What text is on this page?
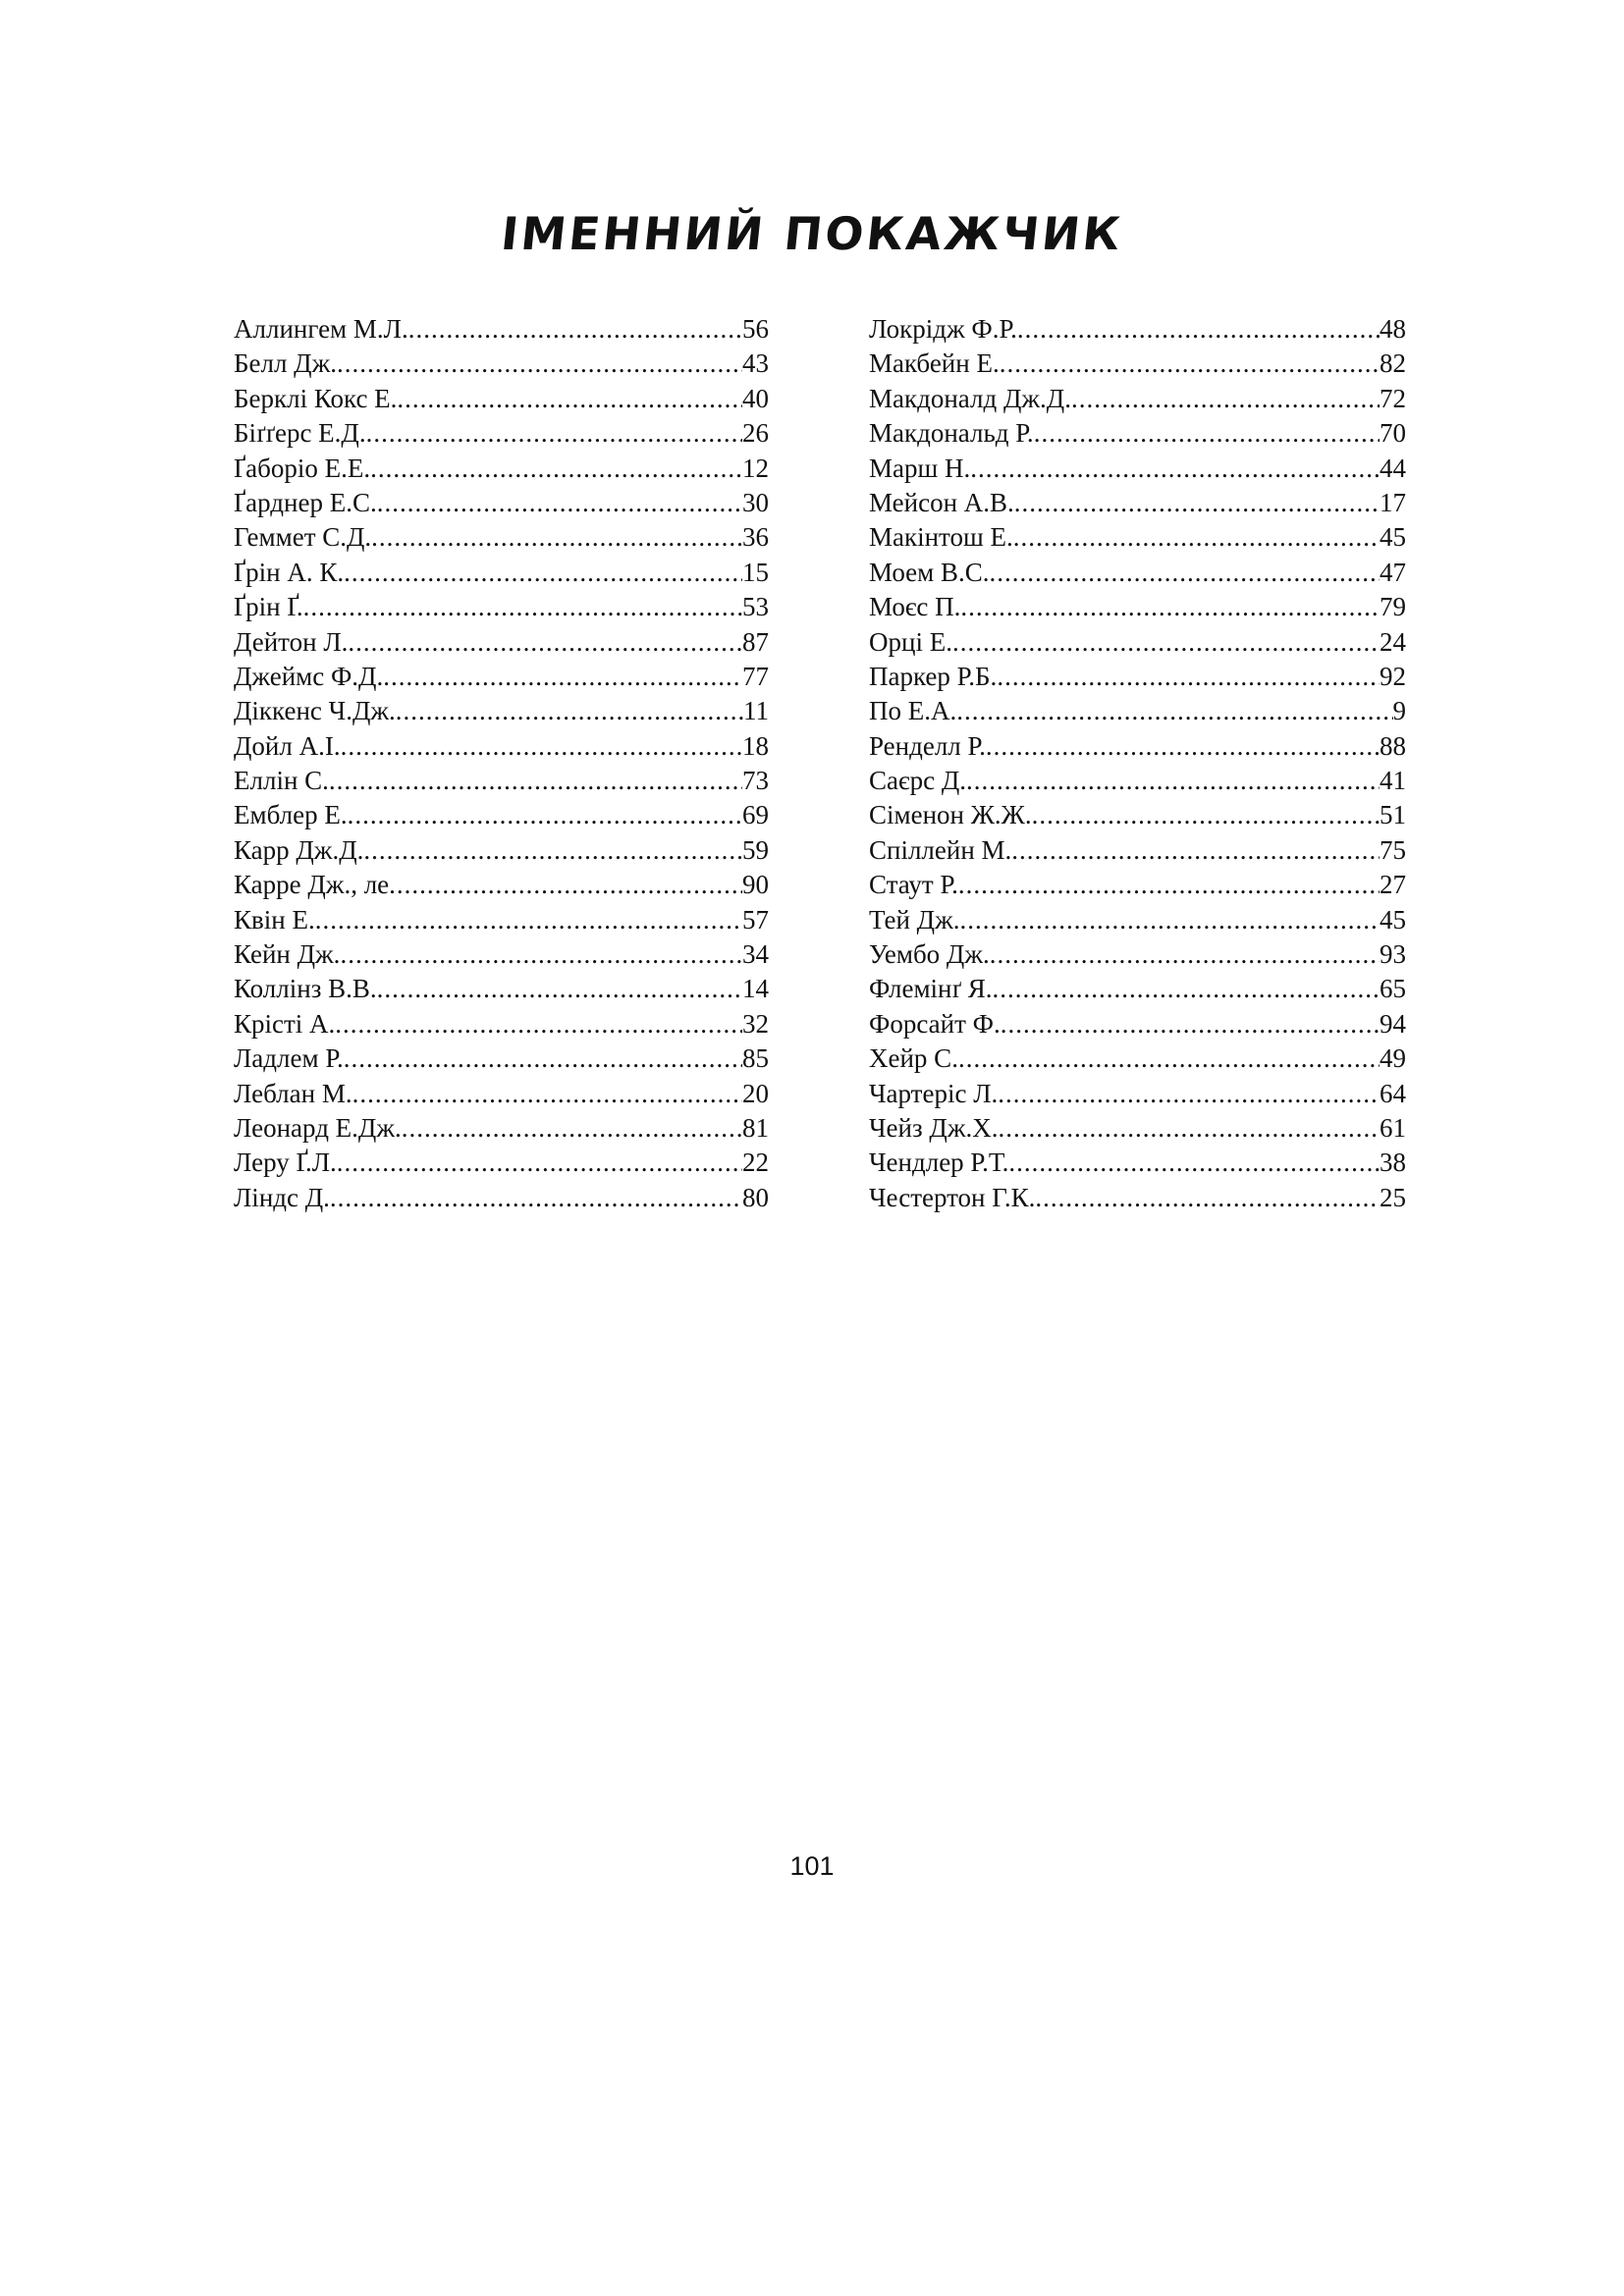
ІМЕННИЙ ПОКАЖЧИК
Аллингем М.Л. .....	56
Белл Дж. .....	43
Берклі Кокс Е. .....	40
Біґґерс Е.Д. .....	26
Ґаборіо Е.Е. .....	12
Ґарднер Е.С. .....	30
Геммет С.Д. .....	36
Ґрін А. К. .....	15
Ґрін Ґ. .....	53
Дейтон Л. .....	87
Джеймс Ф.Д. .....	77
Діккенс Ч.Дж. .....	11
Дойл А.І. .....	18
Еллін С. .....	73
Емблер Е. .....	69
Карр Дж.Д. .....	59
Карре Дж., ле .....	90
Квін Е. .....	57
Кейн Дж. .....	34
Коллінз В.В. .....	14
Крісті А. .....	32
Ладлем Р. .....	85
Леблан М. .....	20
Леонард Е.Дж. .....	81
Леру Ґ.Л. .....	22
Ліндс Д. .....	80
Локрідж Ф.Р. .....	48
Макбейн Е. .....	82
Макдоналд Дж.Д. .....	72
Макдональд Р. .....	70
Марш Н. .....	44
Мейсон А.В. .....	17
Макінтош Е. .....	45
Моем В.С. .....	47
Моєс П. .....	79
Орці Е. .....	24
Паркер Р.Б. .....	92
По Е.А. .....	9
Ренделл Р. .....	88
Саєрс Д. .....	41
Сіменон Ж.Ж. .....	51
Спіллейн М. .....	75
Стаут Р. .....	27
Тей Дж. .....	45
Уембо Дж. .....	93
Флемінґ Я. .....	65
Форсайт Ф. .....	94
Хейр С. .....	49
Чартеріс Л. .....	64
Чейз Дж.Х. .....	61
Чендлер Р.Т. .....	38
Честертон Г.К. .....	25
101
